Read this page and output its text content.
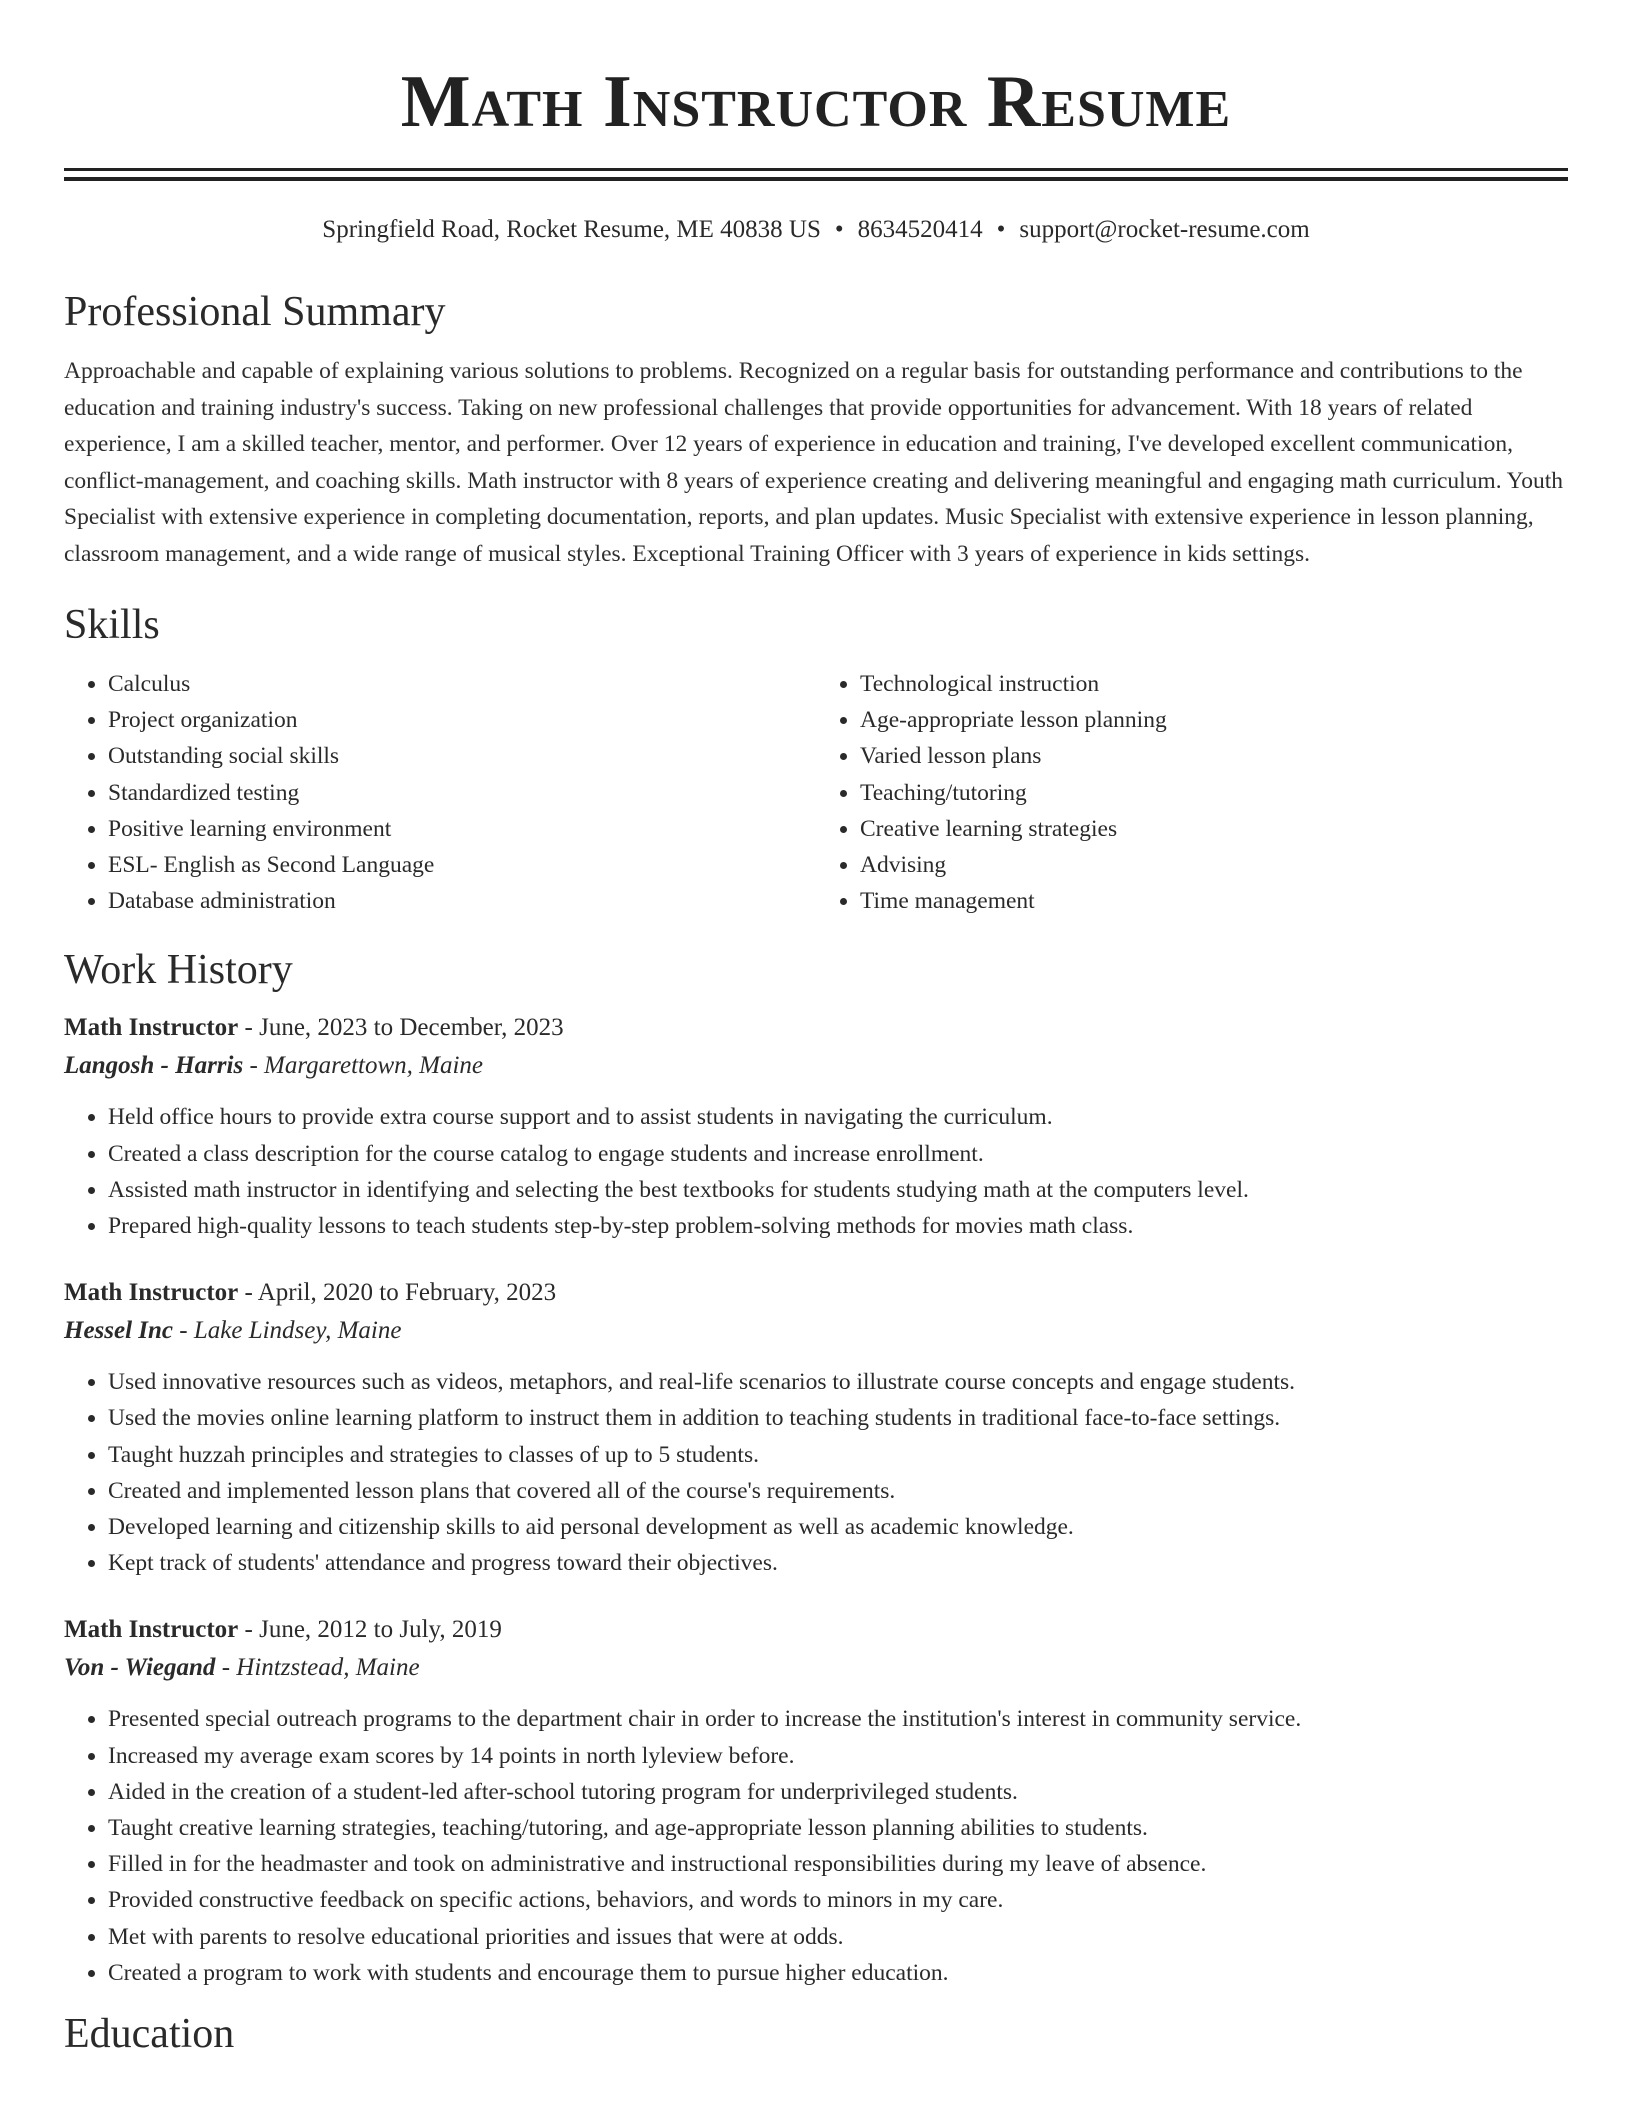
Math Instructor Resume
Springfield Road, Rocket Resume, ME 40838 US • 8634520414 • support@rocket-resume.com
Professional Summary

Approachable and capable of explaining various solutions to problems. Recognized on a regular basis for outstanding performance and contributions to the education and training industry's success. Taking on new professional challenges that provide opportunities for advancement. With 18 years of related experience, I am a skilled teacher, mentor, and performer. Over 12 years of experience in education and training, I've developed excellent communication, conflict-management, and coaching skills. Math instructor with 8 years of experience creating and delivering meaningful and engaging math curriculum. Youth Specialist with extensive experience in completing documentation, reports, and plan updates. Music Specialist with extensive experience in lesson planning, classroom management, and a wide range of musical styles. Exceptional Training Officer with 3 years of experience in kids settings.

Skills
• Calculus
• Project organization
• Outstanding social skills
• Standardized testing
• Positive learning environment
• ESL- English as Second Language
• Database administration
• Technological instruction
• Age-appropriate lesson planning
• Varied lesson plans
• Teaching/tutoring
• Creative learning strategies
• Advising
• Time management
Work History
Math Instructor - June, 2023 to December, 2023
Langosh - Harris - Margarettown, Maine
• Held office hours to provide extra course support and to assist students in navigating the curriculum.
• Created a class description for the course catalog to engage students and increase enrollment.
• Assisted math instructor in identifying and selecting the best textbooks for students studying math at the computers level.
• Prepared high-quality lessons to teach students step-by-step problem-solving methods for movies math class.
Math Instructor - April, 2020 to February, 2023
Hessel Inc - Lake Lindsey, Maine
• Used innovative resources such as videos, metaphors, and real-life scenarios to illustrate course concepts and engage students.
• Used the movies online learning platform to instruct them in addition to teaching students in traditional face-to-face settings.
• Taught huzzah principles and strategies to classes of up to 5 students.
• Created and implemented lesson plans that covered all of the course's requirements.
• Developed learning and citizenship skills to aid personal development as well as academic knowledge.
• Kept track of students' attendance and progress toward their objectives.
Math Instructor - June, 2012 to July, 2019
Von - Wiegand - Hintzstead, Maine
• Presented special outreach programs to the department chair in order to increase the institution's interest in community service.
• Increased my average exam scores by 14 points in north lyleview before.
• Aided in the creation of a student-led after-school tutoring program for underprivileged students.
• Taught creative learning strategies, teaching/tutoring, and age-appropriate lesson planning abilities to students.
• Filled in for the headmaster and took on administrative and instructional responsibilities during my leave of absence.
• Provided constructive feedback on specific actions, behaviors, and words to minors in my care.
• Met with parents to resolve educational priorities and issues that were at odds.
• Created a program to work with students and encourage them to pursue higher education.
Education
